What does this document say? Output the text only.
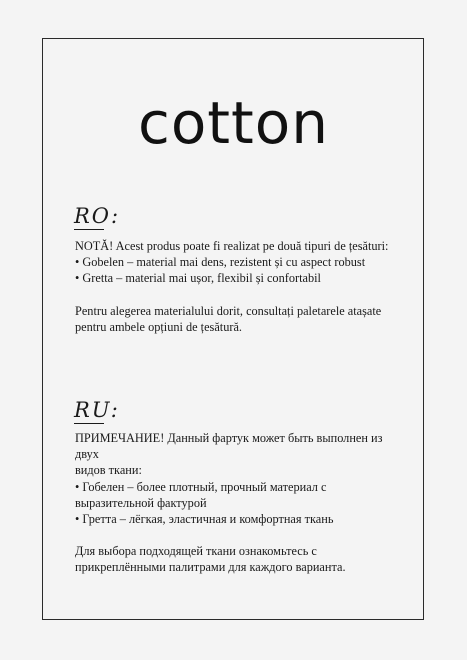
cotton
RO:

NOTĂ! Acest produs poate fi realizat pe două tipuri de țesături:

• Gobelen – material mai dens, rezistent și cu aspect robust

• Gretta – material mai ușor, flexibil și confortabil

Pentru alegerea materialului dorit, consultați paletarele atașate

pentru ambele opțiuni de țesătură.

RU:

ПРИМЕЧАНИЕ! Данный фартук может быть выполнен из двух

видов ткани:

• Гобелен – более плотный, прочный материал с

выразительной фактурой

• Гретта – лёгкая, эластичная и комфортная ткань

Для выбора подходящей ткани ознакомьтесь с

прикреплёнными палитрами для каждого варианта.
